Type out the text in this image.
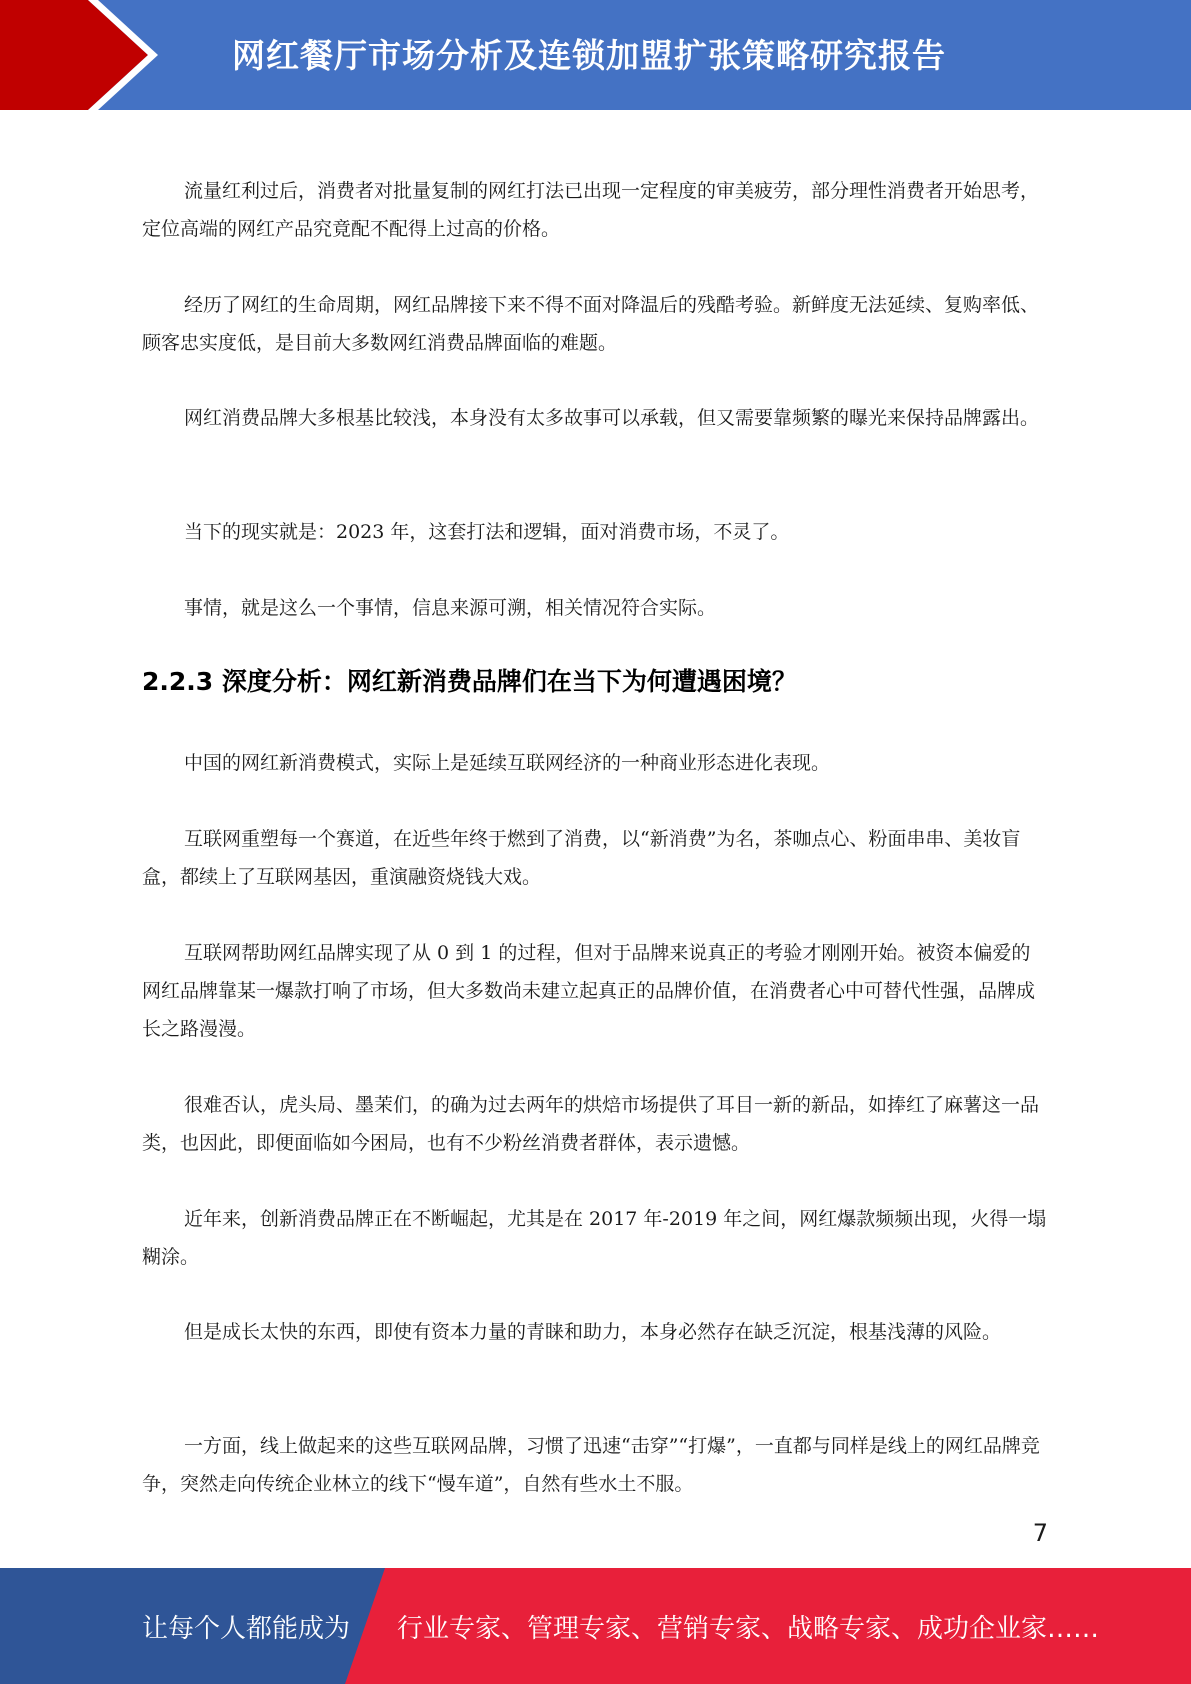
网红餐厅市场分析及连锁加盟扩张策略研究报告

流量红利过后，消费者对批量复制的网红打法已出现一定程度的审美疲劳，部分理性消费者开始思考，定位高端的网红产品究竟配不配得上过高的价格。

经历了网红的生命周期，网红品牌接下来不得不面对降温后的残酷考验。新鲜度无法延续、复购率低、顾客忠实度低，是目前大多数网红消费品牌面临的难题。

网红消费品牌大多根基比较浅，本身没有太多故事可以承载，但又需要靠频繁的曝光来保持品牌露出。

当下的现实就是：2023 年，这套打法和逻辑，面对消费市场，不灵了。

事情，就是这么一个事情，信息来源可溯，相关情况符合实际。

2.2.3 深度分析：网红新消费品牌们在当下为何遭遇困境？

中国的网红新消费模式，实际上是延续互联网经济的一种商业形态进化表现。

互联网重塑每一个赛道，在近些年终于燃到了消费，以“新消费”为名，茶咖点心、粉面串串、美妆盲盒，都续上了互联网基因，重演融资烧钱大戏。

互联网帮助网红品牌实现了从 0 到 1 的过程，但对于品牌来说真正的考验才刚刚开始。被资本偏爱的网红品牌靠某一爆款打响了市场，但大多数尚未建立起真正的品牌价值，在消费者心中可替代性强，品牌成长之路漫漫。

很难否认，虎头局、墨茉们，的确为过去两年的烘焙市场提供了耳目一新的新品，如捧红了麻薯这一品类，也因此，即便面临如今困局，也有不少粉丝消费者群体，表示遗憾。

近年来，创新消费品牌正在不断崛起，尤其是在 2017 年-2019 年之间，网红爆款频频出现，火得一塌糊涂。

但是成长太快的东西，即使有资本力量的青睐和助力，本身必然存在缺乏沉淀，根基浅薄的风险。

一方面，线上做起来的这些互联网品牌，习惯了迅速“击穿”“打爆”，一直都与同样是线上的网红品牌竞争，突然走向传统企业林立的线下“慢车道”，自然有些水土不服。

7
让每个人都能成为 行业专家、管理专家、营销专家、战略专家、成功企业家……
